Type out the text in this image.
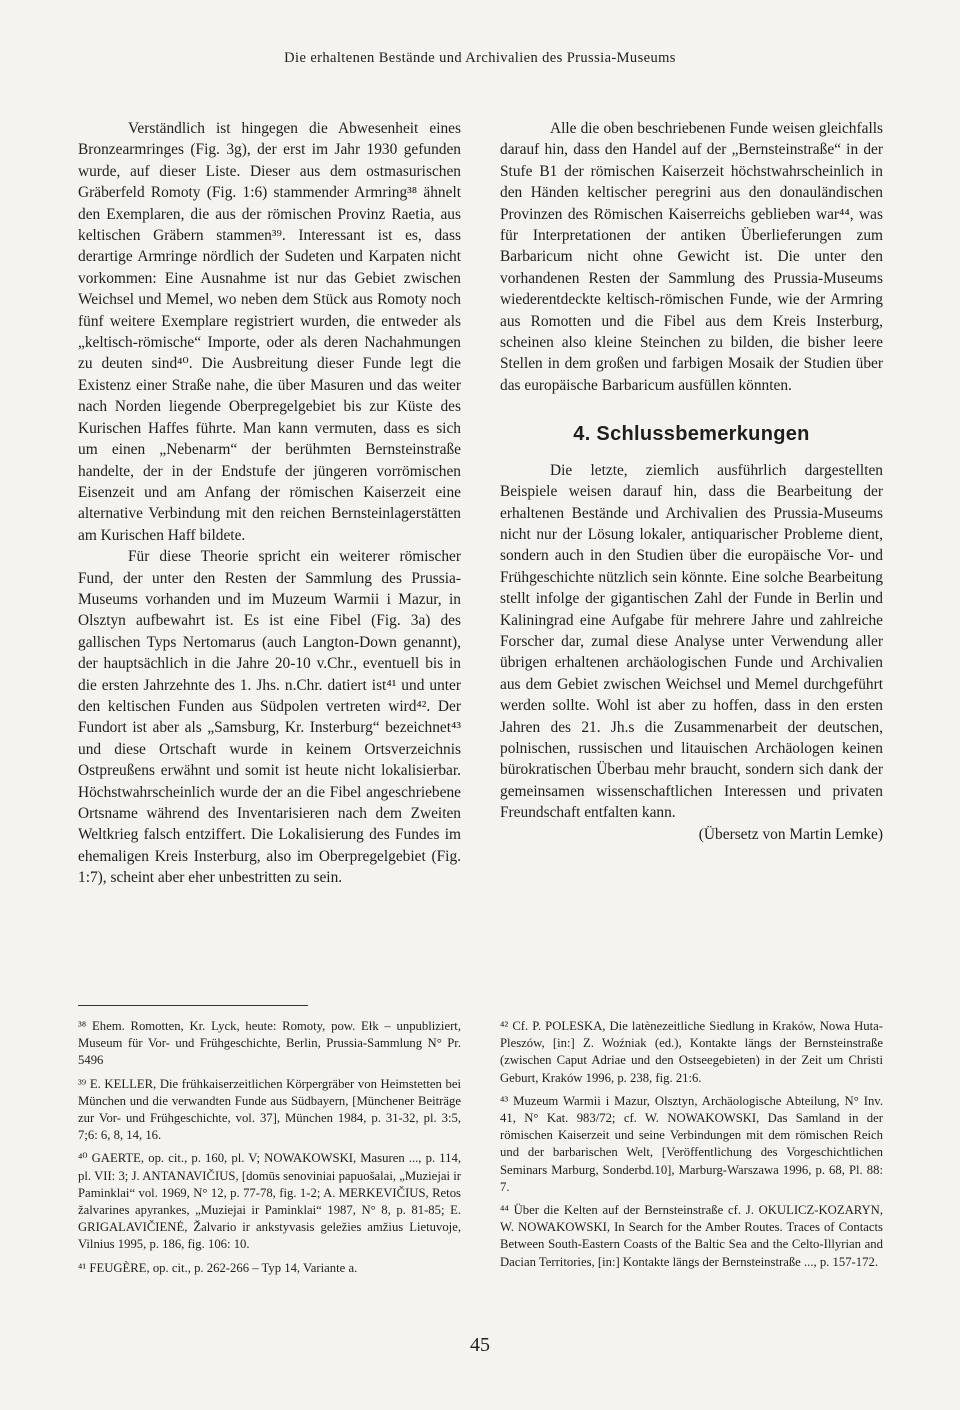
Die erhaltenen Bestände und Archivalien des Prussia-Museums

Verständlich ist hingegen die Abwesenheit eines Bronzearmringes (Fig. 3g), der erst im Jahr 1930 gefunden wurde, auf dieser Liste. Dieser aus dem ostmasurischen Gräberfeld Romoty (Fig. 1:6) stammender Armring³⁸ ähnelt den Exemplaren, die aus der römischen Provinz Raetia, aus keltischen Gräbern stammen³⁹. Interessant ist es, dass derartige Armringe nördlich der Sudeten und Karpaten nicht vorkommen: Eine Ausnahme ist nur das Gebiet zwischen Weichsel und Memel, wo neben dem Stück aus Romoty noch fünf weitere Exemplare registriert wurden, die entweder als „keltisch-römische“ Importe, oder als deren Nachahmungen zu deuten sind⁴⁰. Die Ausbreitung dieser Funde legt die Existenz einer Straße nahe, die über Masuren und das weiter nach Norden liegende Oberpregelgebiet bis zur Küste des Kurischen Haffes führte. Man kann vermuten, dass es sich um einen „Nebenarm“ der berühmten Bernsteinstraße handelte, der in der Endstufe der jüngeren vorrömischen Eisenzeit und am Anfang der römischen Kaiserzeit eine alternative Verbindung mit den reichen Bernsteinlagerstätten am Kurischen Haff bildete.

Für diese Theorie spricht ein weiterer römischer Fund, der unter den Resten der Sammlung des Prussia-Museums vorhanden und im Muzeum Warmii i Mazur, in Olsztyn aufbewahrt ist. Es ist eine Fibel (Fig. 3a) des gallischen Typs Nertomarus (auch Langton-Down genannt), der hauptsächlich in die Jahre 20-10 v.Chr., eventuell bis in die ersten Jahrzehnte des 1. Jhs. n.Chr. datiert ist⁴¹ und unter den keltischen Funden aus Südpolen vertreten wird⁴². Der Fundort ist aber als „Samsburg, Kr. Insterburg“ bezeichnet⁴³ und diese Ortschaft wurde in keinem Ortsverzeichnis Ostpreußens erwähnt und somit ist heute nicht lokalisierbar. Höchstwahrscheinlich wurde der an die Fibel angeschriebene Ortsname während des Inventarisieren nach dem Zweiten Weltkrieg falsch entziffert. Die Lokalisierung des Fundes im ehemaligen Kreis Insterburg, also im Oberpregelgebiet (Fig. 1:7), scheint aber eher unbestritten zu sein.

Alle die oben beschriebenen Funde weisen gleichfalls darauf hin, dass den Handel auf der „Bernsteinstraße“ in der Stufe B1 der römischen Kaiserzeit höchstwahrscheinlich in den Händen keltischer peregrini aus den donauländischen Provinzen des Römischen Kaiserreichs geblieben war⁴⁴, was für Interpretationen der antiken Überlieferungen zum Barbaricum nicht ohne Gewicht ist. Die unter den vorhandenen Resten der Sammlung des Prussia-Museums wiederentdeckte keltisch-römischen Funde, wie der Armring aus Romotten und die Fibel aus dem Kreis Insterburg, scheinen also kleine Steinchen zu bilden, die bisher leere Stellen in dem großen und farbigen Mosaik der Studien über das europäische Barbaricum ausfüllen könnten.

4. Schlussbemerkungen

Die letzte, ziemlich ausführlich dargestellten Beispiele weisen darauf hin, dass die Bearbeitung der erhaltenen Bestände und Archivalien des Prussia-Museums nicht nur der Lösung lokaler, antiquarischer Probleme dient, sondern auch in den Studien über die europäische Vor- und Frühgeschichte nützlich sein könnte. Eine solche Bearbeitung stellt infolge der gigantischen Zahl der Funde in Berlin und Kaliningrad eine Aufgabe für mehrere Jahre und zahlreiche Forscher dar, zumal diese Analyse unter Verwendung aller übrigen erhaltenen archäologischen Funde und Archivalien aus dem Gebiet zwischen Weichsel und Memel durchgeführt werden sollte. Wohl ist aber zu hoffen, dass in den ersten Jahren des 21. Jh.s die Zusammenarbeit der deutschen, polnischen, russischen und litauischen Archäologen keinen bürokratischen Überbau mehr braucht, sondern sich dank der gemeinsamen wissenschaftlichen Interessen und privaten Freundschaft entfalten kann.

(Übersetz von Martin Lemke)

³⁸ Ehem. Romotten, Kr. Lyck, heute: Romoty, pow. Ełk – unpubliziert, Museum für Vor- und Frühgeschichte, Berlin, Prussia-Sammlung N° Pr. 5496

³⁹ E. KELLER, Die frühkaiserzeitlichen Körpergräber von Heimstetten bei München und die verwandten Funde aus Südbayern, [Münchener Beiträge zur Vor- und Frühgeschichte, vol. 37], München 1984, p. 31-32, pl. 3:5, 7;6: 6, 8, 14, 16.

⁴⁰ GAERTE, op. cit., p. 160, pl. V; NOWAKOWSKI, Masuren ..., p. 114, pl. VII: 3; J. ANTANAVIČIUS, [domūs senoviniai papuošalai, „Muziejai ir Paminklai“ vol. 1969, N° 12, p. 77-78, fig. 1-2; A. MERKEVIČIUS, Retos žalvarines apyrankes, „Muziejai ir Paminklai“ 1987, N° 8, p. 81-85; E. GRIGALAVIČIENĖ, Žalvario ir ankstyvasis geležies amžius Lietuvoje, Vilnius 1995, p. 186, fig. 106: 10.

⁴¹ FEUGÈRE, op. cit., p. 262-266 – Typ 14, Variante a.

⁴² Cf. P. POLESKA, Die latènezeitliche Siedlung in Kraków, Nowa Huta-Pleszów, [in:] Z. Woźniak (ed.), Kontakte längs der Bernsteinstraße (zwischen Caput Adriae und den Ostseegebieten) in der Zeit um Christi Geburt, Kraków 1996, p. 238, fig. 21:6.

⁴³ Muzeum Warmii i Mazur, Olsztyn, Archäologische Abteilung, N° Inv. 41, N° Kat. 983/72; cf. W. NOWAKOWSKI, Das Samland in der römischen Kaiserzeit und seine Verbindungen mit dem römischen Reich und der barbarischen Welt, [Veröffentlichung des Vorgeschichtlichen Seminars Marburg, Sonderbd.10], Marburg-Warszawa 1996, p. 68, Pl. 88: 7.

⁴⁴ Über die Kelten auf der Bernsteinstraße cf. J. OKULICZ-KOZARYN, W. NOWAKOWSKI, In Search for the Amber Routes. Traces of Contacts Between South-Eastern Coasts of the Baltic Sea and the Celto-Illyrian and Dacian Territories, [in:] Kontakte längs der Bernsteinstraße ..., p. 157-172.

45
